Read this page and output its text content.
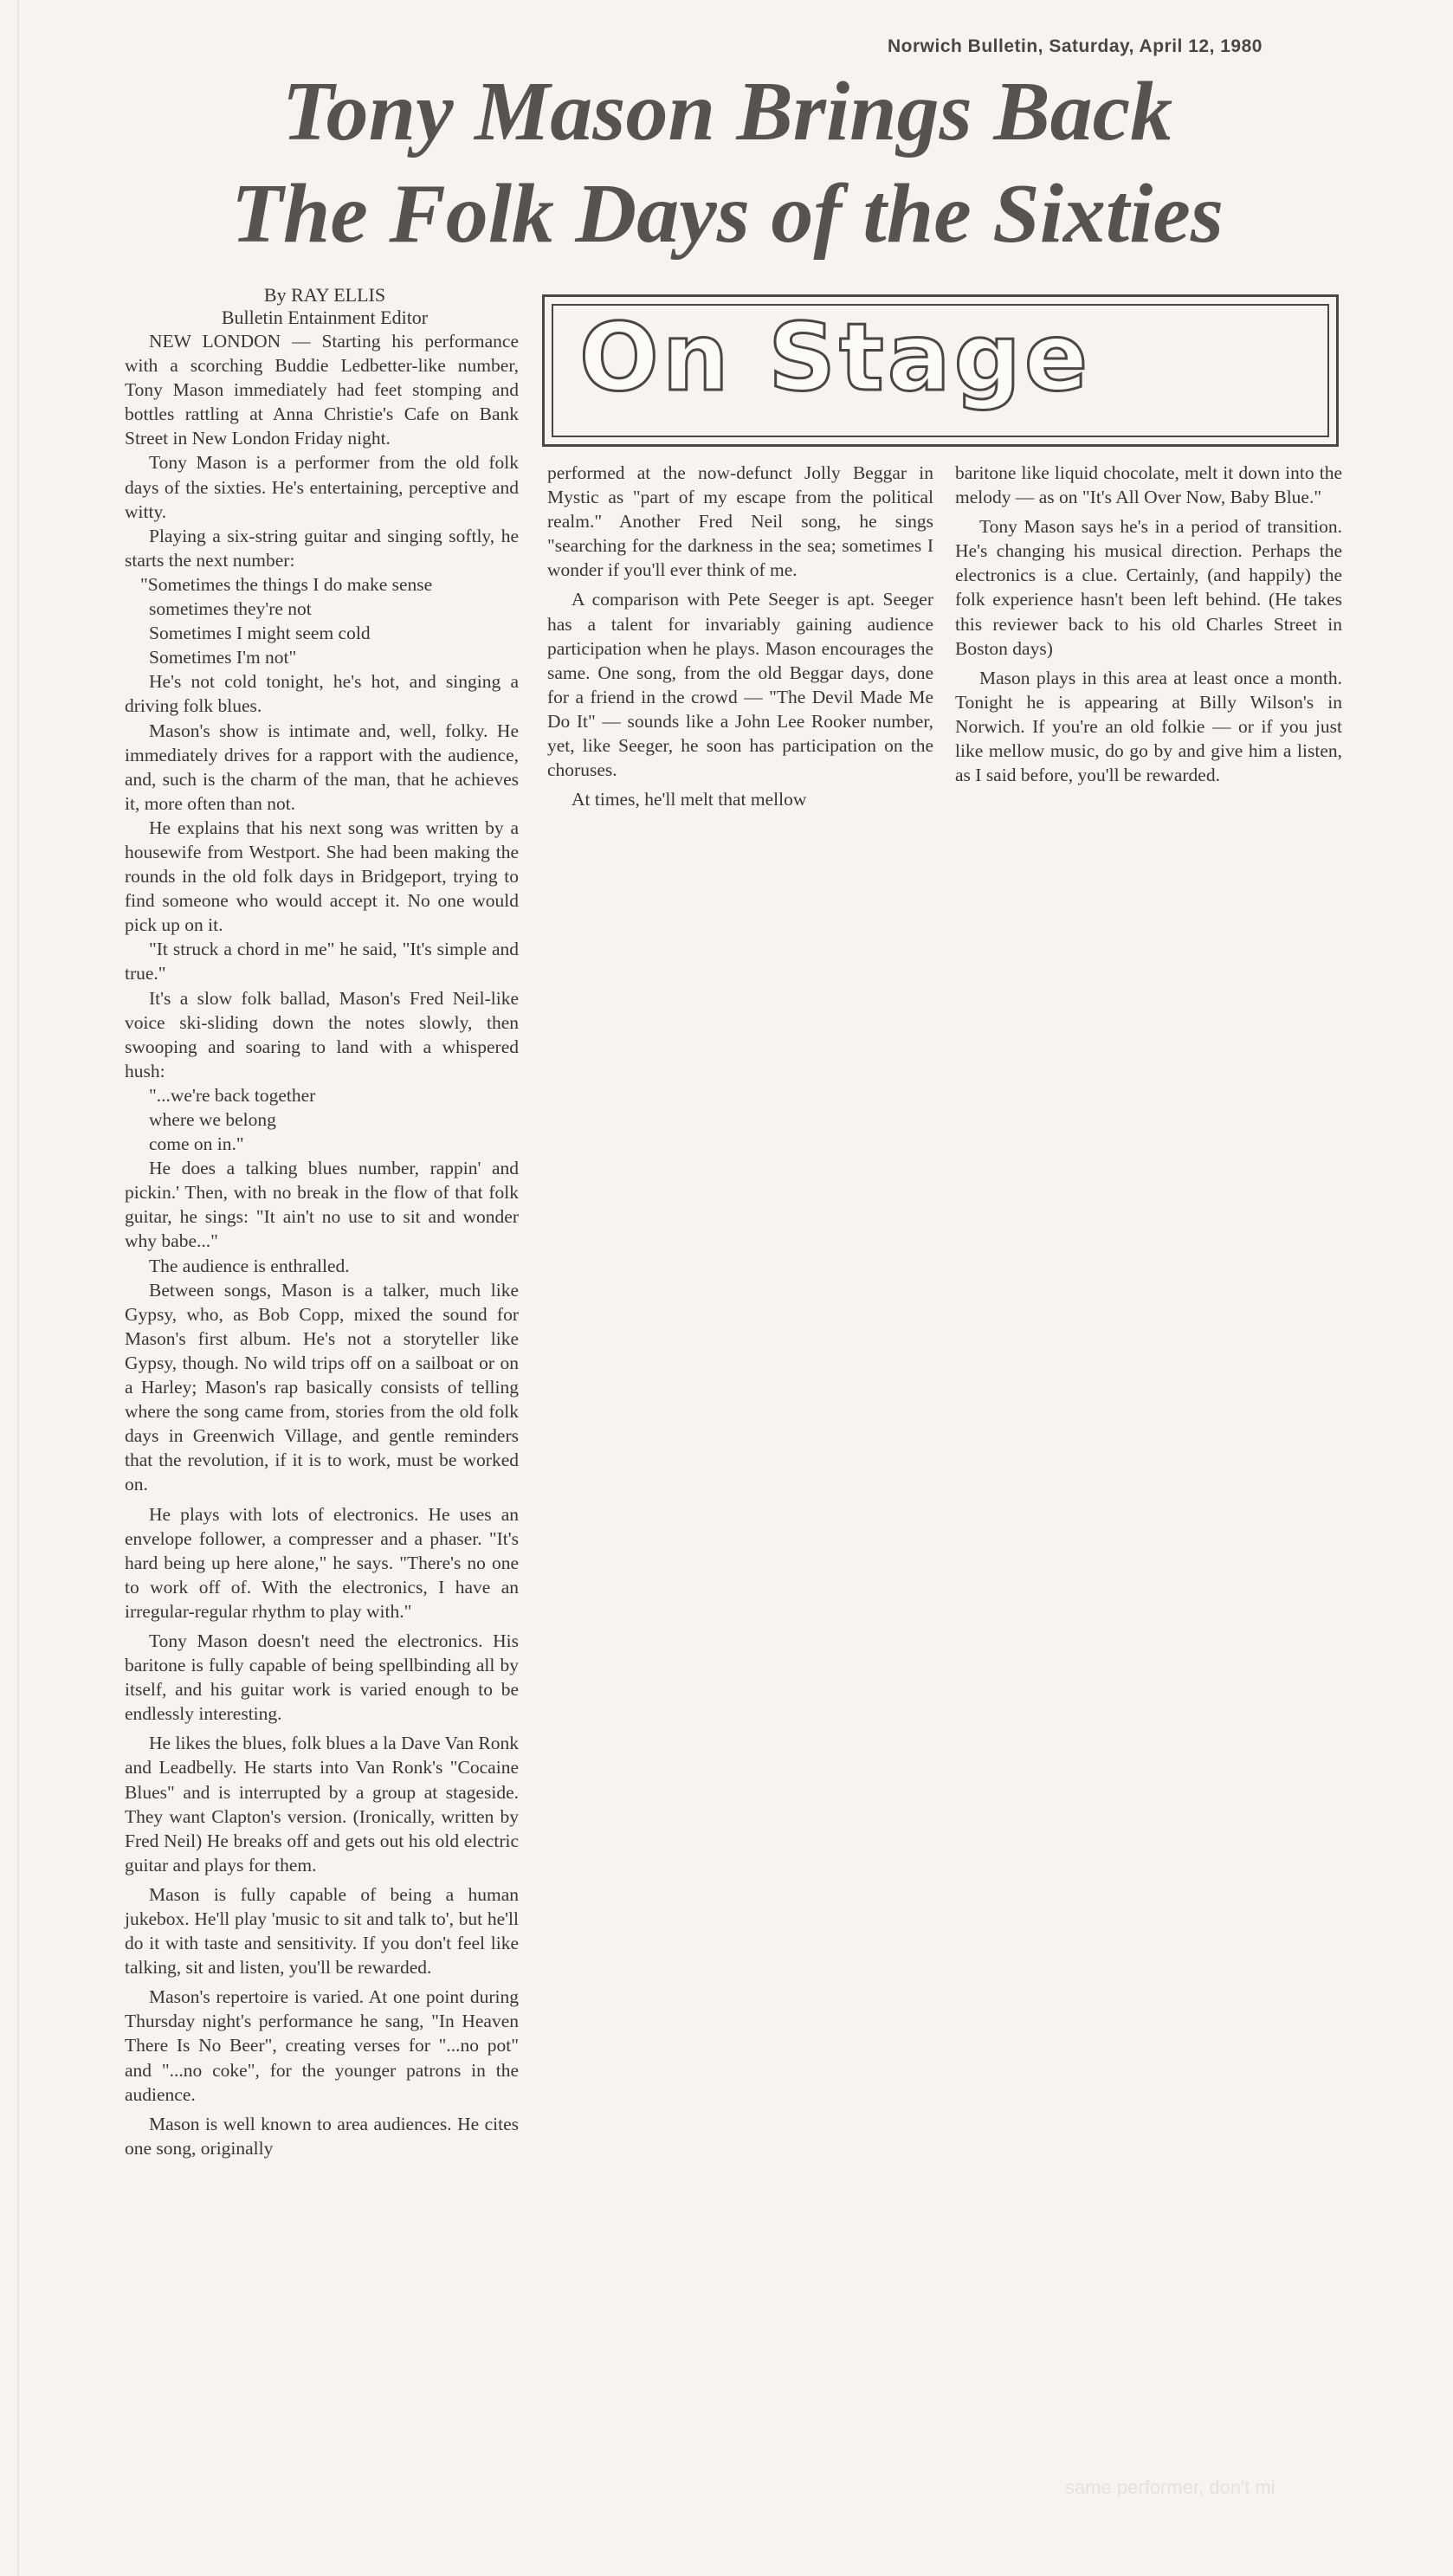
Norwich Bulletin, Saturday, April 12, 1980
Tony Mason Brings Back
The Folk Days of the Sixties
By RAY ELLIS
Bulletin Entainment Editor	On Stage

NEW LONDON — Starting his performance with a scorching Buddie Ledbetter-like number, Tony Mason immediately had feet stomping and bottles rattling at Anna Christie's Cafe on Bank Street in New London Friday night.

Tony Mason is a performer from the old folk days of the sixties. He's entertaining, perceptive and witty.

Playing a six-string guitar and singing softly, he starts the next number:

"Sometimes the things I do make sense

sometimes they're not

Sometimes I might seem cold

Sometimes I'm not"

He's not cold tonight, he's hot, and singing a driving folk blues.

Mason's show is intimate and, well, folky. He immediately drives for a rapport with the audience, and, such is the charm of the man, that he achieves it, more often than not.

He explains that his next song was written by a housewife from Westport. She had been making the rounds in the old folk days in Bridgeport, trying to find someone who would accept it. No one would pick up on it.

"It struck a chord in me" he said, "It's simple and true."

It's a slow folk ballad, Mason's Fred Neil-like voice ski-sliding down the notes slowly, then swooping and soaring to land with a whispered hush:

"...we're back together

where we belong

come on in."

He does a talking blues number, rappin' and pickin.' Then, with no break in the flow of that folk guitar, he sings: "It ain't no use to sit and wonder why babe..."

The audience is enthralled.

Between songs, Mason is a talker, much like Gypsy, who, as Bob Copp, mixed the sound for Mason's first album. He's not a storyteller like Gypsy, though. No wild trips off on a sailboat or on a Harley; Mason's rap basically consists of telling where the song came from, stories from the old folk days in Greenwich Village, and gentle reminders that the revolution, if it is to work, must be worked on.

He plays with lots of electronics. He uses an envelope follower, a compresser and a phaser. "It's hard being up here alone," he says. "There's no one to work off of. With the electronics, I have an irregular-regular rhythm to play with."

Tony Mason doesn't need the electronics. His baritone is fully capable of being spellbinding all by itself, and his guitar work is varied enough to be endlessly interesting.

He likes the blues, folk blues a la Dave Van Ronk and Leadbelly. He starts into Van Ronk's "Cocaine Blues" and is interrupted by a group at stageside. They want Clapton's version. (Ironically, written by Fred Neil) He breaks off and gets out his old electric guitar and plays for them.

Mason is fully capable of being a human jukebox. He'll play 'music to sit and talk to', but he'll do it with taste and sensitivity. If you don't feel like talking, sit and listen, you'll be rewarded.

Mason's repertoire is varied. At one point during Thursday night's performance he sang, "In Heaven There Is No Beer", creating verses for "...no pot" and "...no coke", for the younger patrons in the audience.

Mason is well known to area audiences. He cites one song, originally

performed at the now-defunct Jolly Beggar in Mystic as "part of my escape from the political realm." Another Fred Neil song, he sings "searching for the darkness in the sea; sometimes I wonder if you'll ever think of me.

A comparison with Pete Seeger is apt. Seeger has a talent for invariably gaining audience participation when he plays. Mason encourages the same. One song, from the old Beggar days, done for a friend in the crowd — "The Devil Made Me Do It" — sounds like a John Lee Rooker number, yet, like Seeger, he soon has participation on the choruses.

At times, he'll melt that mellow

baritone like liquid chocolate, melt it down into the melody — as on "It's All Over Now, Baby Blue."

Tony Mason says he's in a period of transition. He's changing his musical direction. Perhaps the electronics is a clue. Certainly, (and happily) the folk experience hasn't been left behind. (He takes this reviewer back to his old Charles Street in Boston days)

Mason plays in this area at least once a month. Tonight he is appearing at Billy Wilson's in Norwich. If you're an old folkie — or if you just like mellow music, do go by and give him a listen, as I said before, you'll be rewarded.

same performer, don't mi
